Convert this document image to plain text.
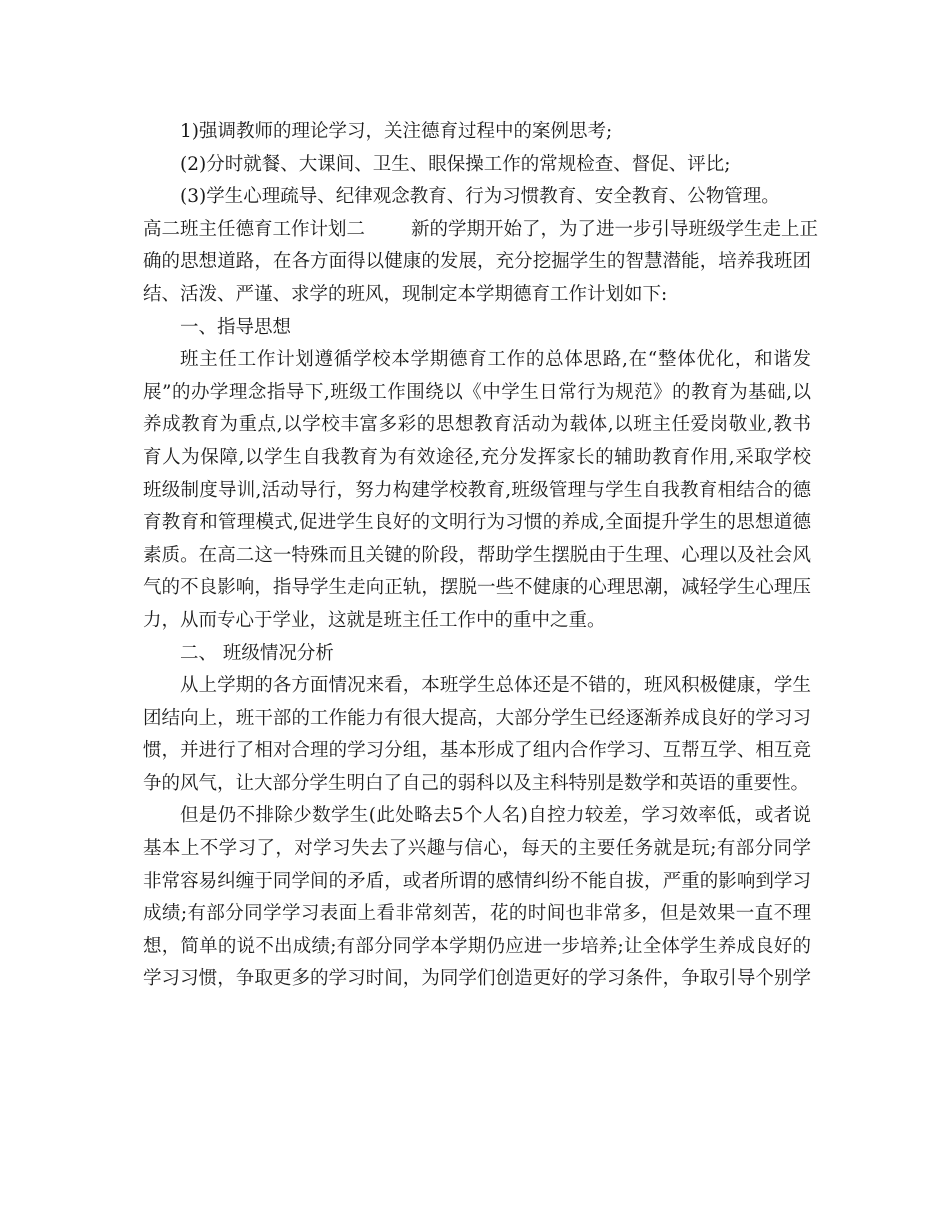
1)强调教师的理论学习，关注德育过程中的案例思考;
(2)分时就餐、大课间、卫生、眼保操工作的常规检查、督促、评比;
(3)学生心理疏导、纪律观念教育、行为习惯教育、安全教育、公物管理。
高二班主任德育工作计划二 新的学期开始了，为了进一步引导班级学生走上正
确的思想道路，在各方面得以健康的发展，充分挖掘学生的智慧潜能，培养我班团
结、活泼、严谨、求学的班风，现制定本学期德育工作计划如下:
一、指导思想
班主任工作计划遵循学校本学期德育工作的总体思路,在“整体优化，和谐发
展”的办学理念指导下,班级工作围绕以《中学生日常行为规范》的教育为基础,以
养成教育为重点,以学校丰富多彩的思想教育活动为载体,以班主任爱岗敬业,教书
育人为保障,以学生自我教育为有效途径,充分发挥家长的辅助教育作用,采取学校
班级制度导训,活动导行，努力构建学校教育,班级管理与学生自我教育相结合的德
育教育和管理模式,促进学生良好的文明行为习惯的养成,全面提升学生的思想道德
素质。在高二这一特殊而且关键的阶段，帮助学生摆脱由于生理、心理以及社会风
气的不良影响，指导学生走向正轨，摆脱一些不健康的心理思潮，减轻学生心理压
力，从而专心于学业，这就是班主任工作中的重中之重。
二、 班级情况分析
从上学期的各方面情况来看，本班学生总体还是不错的，班风积极健康，学生
团结向上，班干部的工作能力有很大提高，大部分学生已经逐渐养成良好的学习习
惯，并进行了相对合理的学习分组，基本形成了组内合作学习、互帮互学、相互竞
争的风气，让大部分学生明白了自己的弱科以及主科特别是数学和英语的重要性。
但是仍不排除少数学生(此处略去5个人名)自控力较差，学习效率低，或者说
基本上不学习了，对学习失去了兴趣与信心，每天的主要任务就是玩;有部分同学
非常容易纠缠于同学间的矛盾，或者所谓的感情纠纷不能自拔，严重的影响到学习
成绩;有部分同学学习表面上看非常刻苦，花的时间也非常多，但是效果一直不理
想，简单的说不出成绩;有部分同学本学期仍应进一步培养;让全体学生养成良好的
学习习惯，争取更多的学习时间，为同学们创造更好的学习条件，争取引导个别学
